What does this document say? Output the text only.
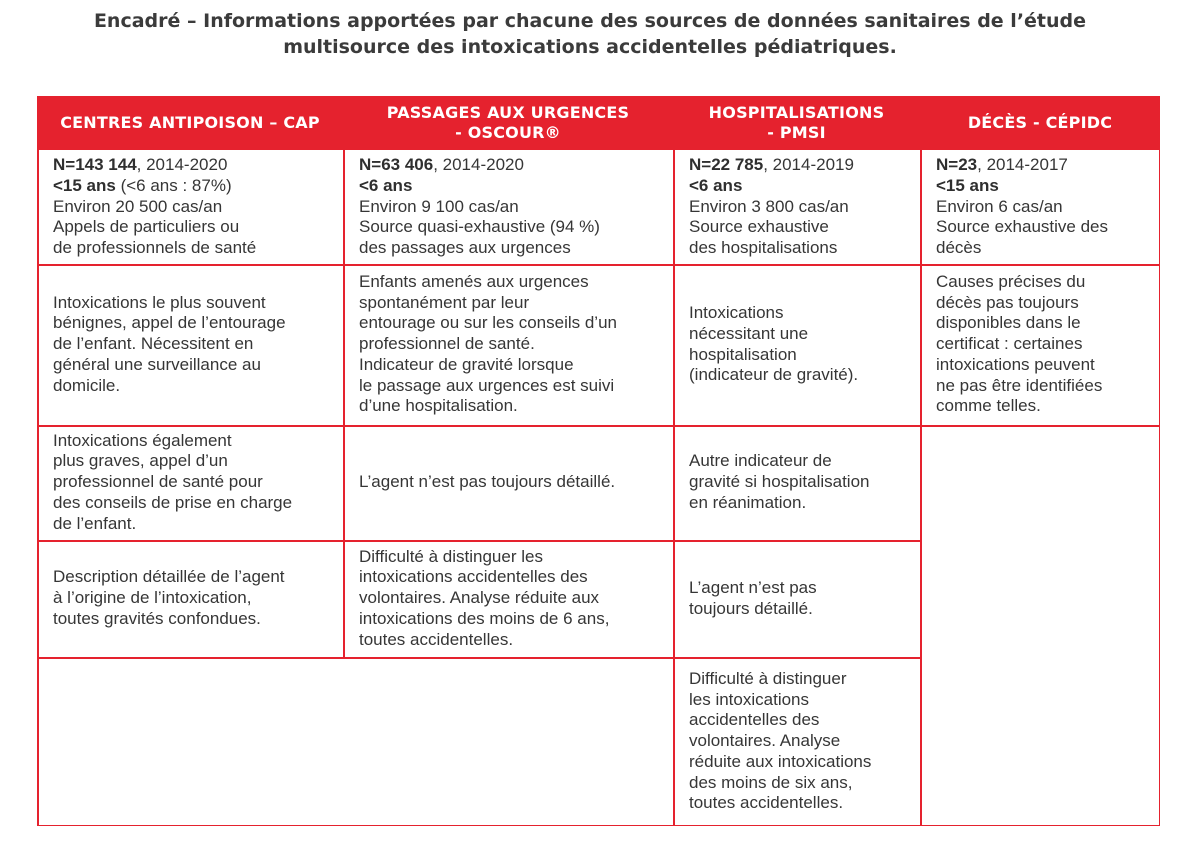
Encadré – Informations apportées par chacune des sources de données sanitaires de l’étude
multisource des intoxications accidentelles pédiatriques.
CENTRES ANTIPOISON – CAP
PASSAGES AUX URGENCES
- OSCOUR®
HOSPITALISATIONS
- PMSI
DÉCÈS - CÉPIDC
N=143 144, 2014-2020
<15 ans (<6 ans : 87%)
Environ 20 500 cas/an
Appels de particuliers ou
de professionnels de santé
N=63 406, 2014-2020
<6 ans
Environ 9 100 cas/an
Source quasi-exhaustive (94 %)
des passages aux urgences
N=22 785, 2014-2019
<6 ans
Environ 3 800 cas/an
Source exhaustive
des hospitalisations
N=23, 2014-2017
<15 ans
Environ 6 cas/an
Source exhaustive des
décès
Intoxications le plus souvent
bénignes, appel de l’entourage
de l’enfant. Nécessitent en
général une surveillance au
domicile.
Enfants amenés aux urgences
spontanément par leur
entourage ou sur les conseils d’un
professionnel de santé.
Indicateur de gravité lorsque
le passage aux urgences est suivi
d’une hospitalisation.
Intoxications
nécessitant une
hospitalisation
(indicateur de gravité).
Causes précises du
décès pas toujours
disponibles dans le
certificat : certaines
intoxications peuvent
ne pas être identifiées
comme telles.
Intoxications également
plus graves, appel d’un
professionnel de santé pour
des conseils de prise en charge
de l’enfant.
L’agent n’est pas toujours détaillé.
Autre indicateur de
gravité si hospitalisation
en réanimation.
Description détaillée de l’agent
à l’origine de l’intoxication,
toutes gravités confondues.
Difficulté à distinguer les
intoxications accidentelles des
volontaires. Analyse réduite aux
intoxications des moins de 6 ans,
toutes accidentelles.
L’agent n’est pas
toujours détaillé.
Difficulté à distinguer
les intoxications
accidentelles des
volontaires. Analyse
réduite aux intoxications
des moins de six ans,
toutes accidentelles.
